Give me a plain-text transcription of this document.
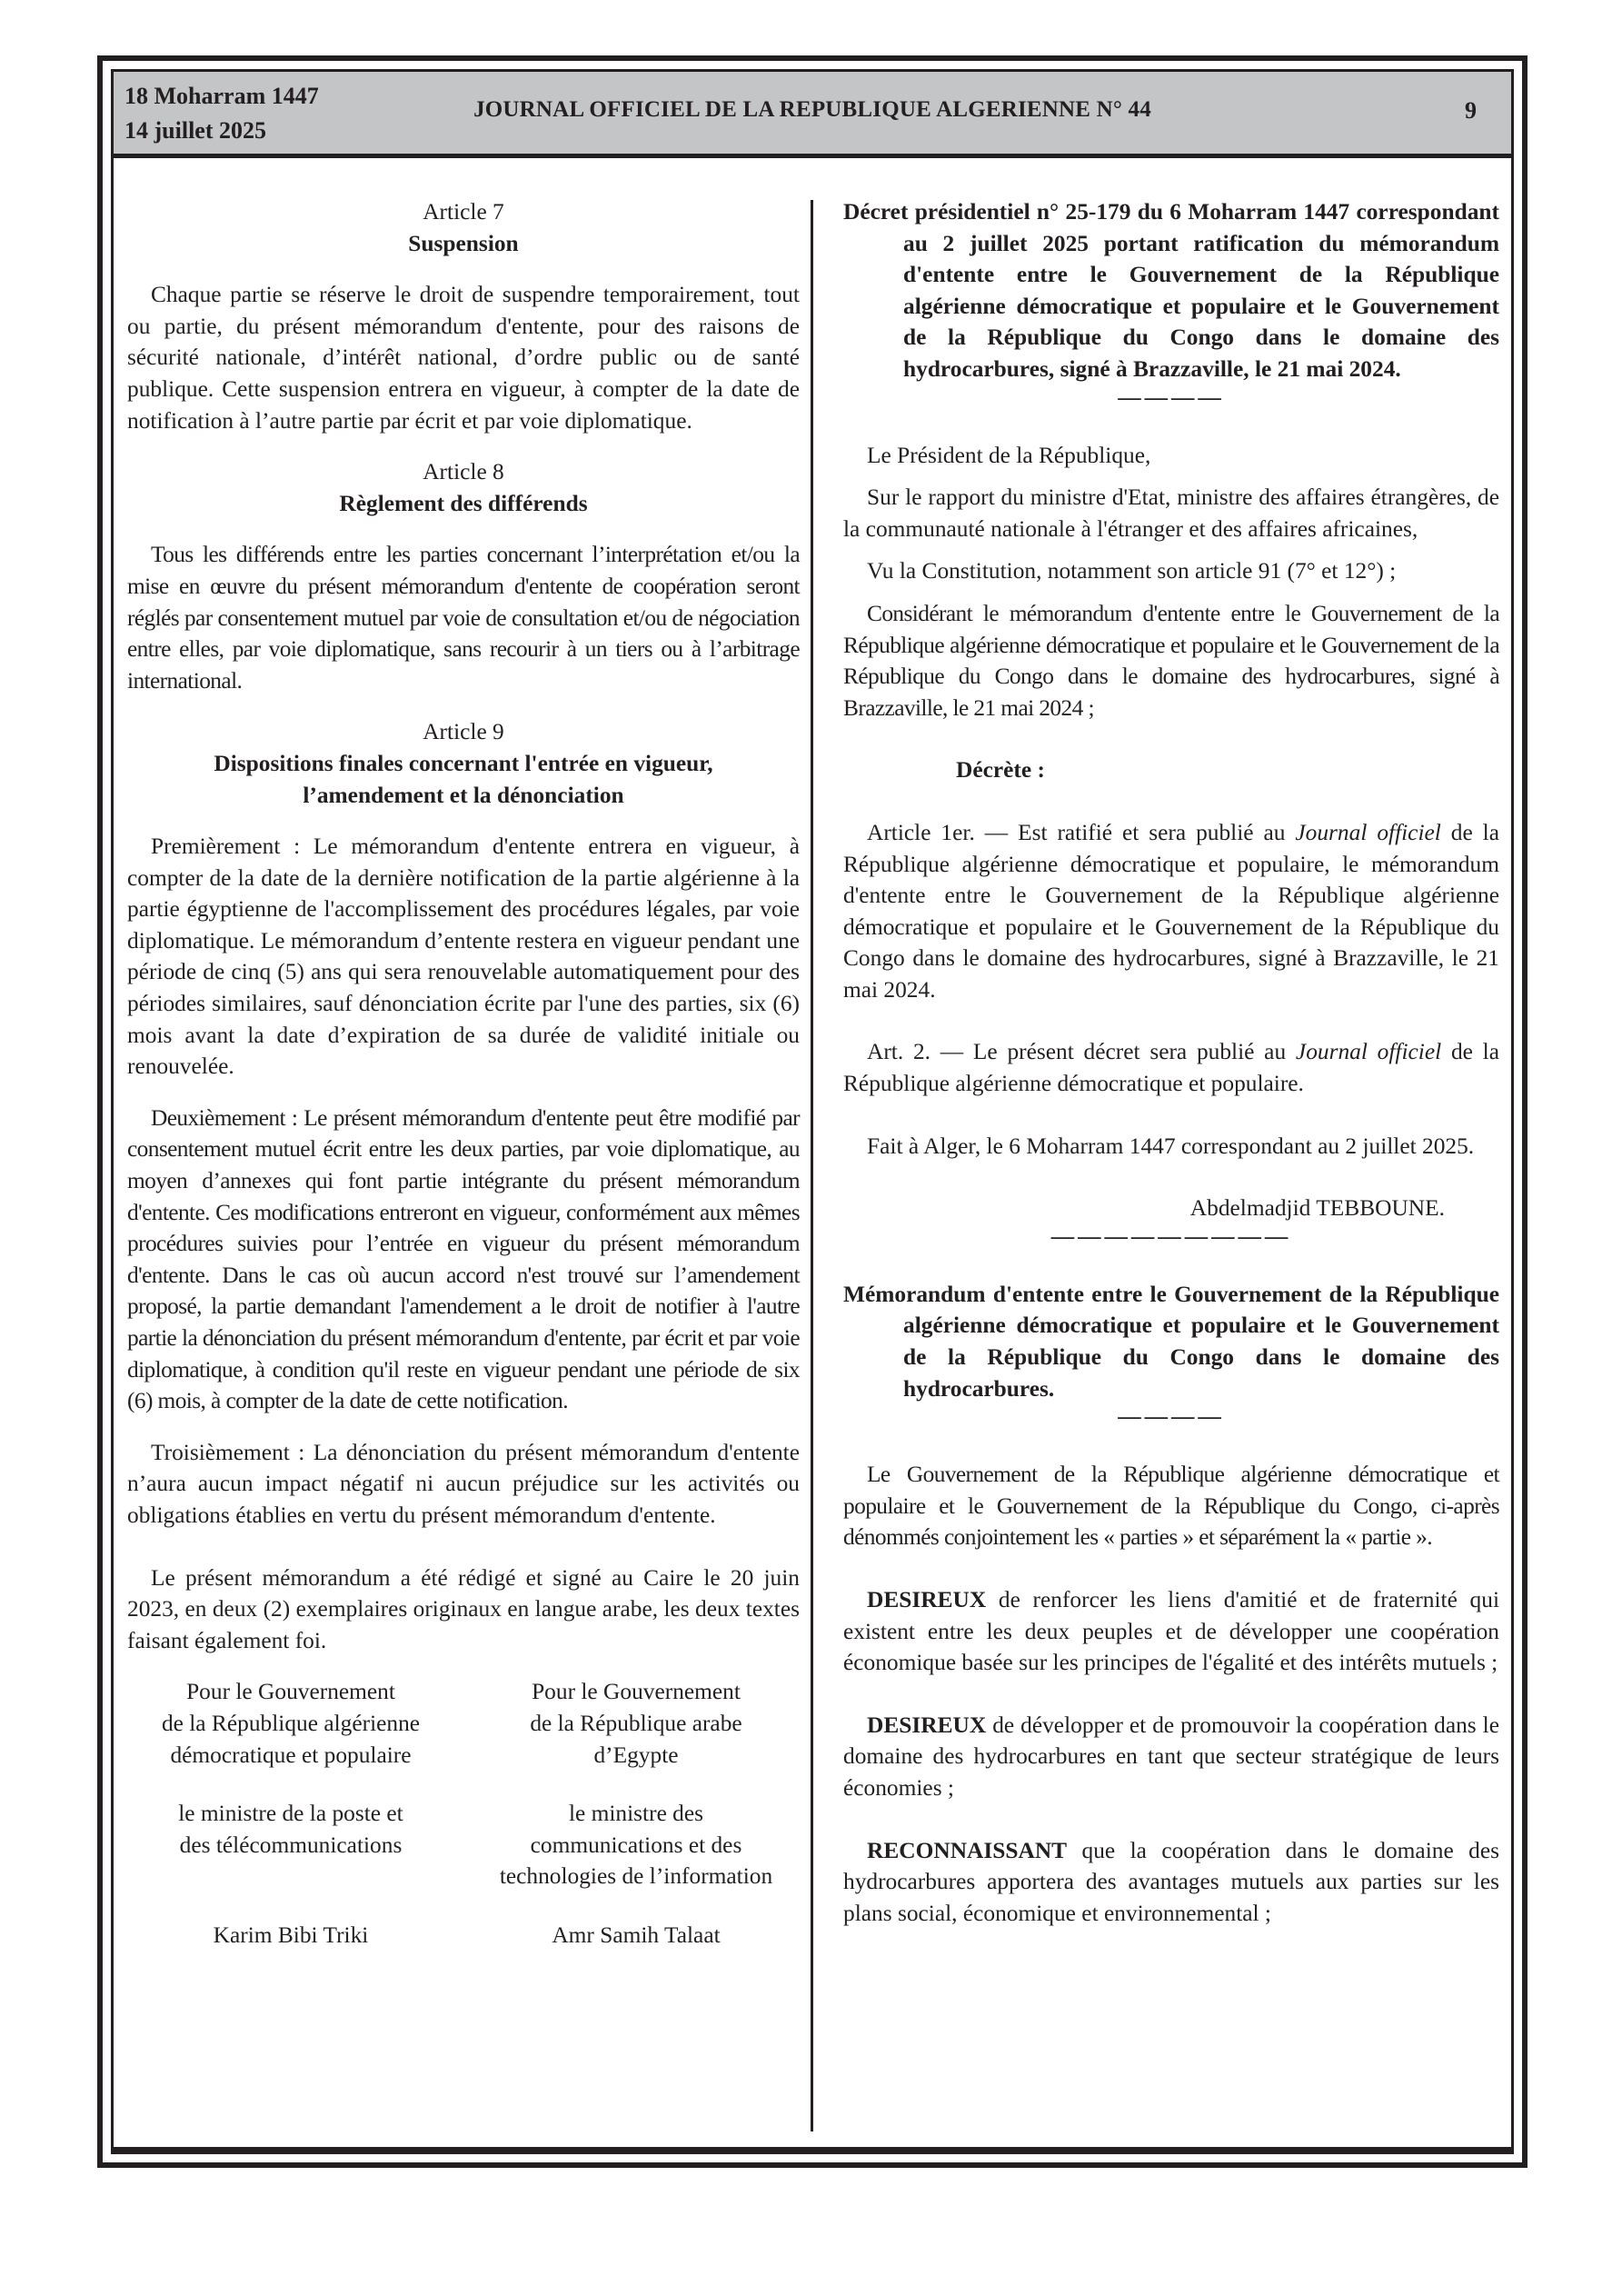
18 Moharram 1447
14 juillet 2025
JOURNAL OFFICIEL DE LA REPUBLIQUE ALGERIENNE N° 44	9

Article 7

Suspension

Chaque partie se réserve le droit de suspendre temporairement, tout ou partie, du présent mémorandum d'entente, pour des raisons de sécurité nationale, d’intérêt national, d’ordre public ou de santé publique. Cette suspension entrera en vigueur, à compter de la date de notification à l’autre partie par écrit et par voie diplomatique.

Article 8

Règlement des différends

Tous les différends entre les parties concernant l’interprétation et/ou la mise en œuvre du présent mémorandum d'entente de coopération seront réglés par consentement mutuel par voie de consultation et/ou de négociation entre elles, par voie diplomatique, sans recourir à un tiers ou à l’arbitrage international.

Article 9

Dispositions finales concernant l'entrée en vigueur,

l’amendement et la dénonciation

Premièrement : Le mémorandum d'entente entrera en vigueur, à compter de la date de la dernière notification de la partie algérienne à la partie égyptienne de l'accomplissement des procédures légales, par voie diplomatique. Le mémorandum d’entente restera en vigueur pendant une période de cinq (5) ans qui sera renouvelable automatiquement pour des périodes similaires, sauf dénonciation écrite par l'une des parties, six (6) mois avant la date d’expiration de sa durée de validité initiale ou renouvelée.

Deuxièmement : Le présent mémorandum d'entente peut être modifié par consentement mutuel écrit entre les deux parties, par voie diplomatique, au moyen d’annexes qui font partie intégrante du présent mémorandum d'entente. Ces modifications entreront en vigueur, conformément aux mêmes procédures suivies pour l’entrée en vigueur du présent mémorandum d'entente. Dans le cas où aucun accord n'est trouvé sur l’amendement proposé, la partie demandant l'amendement a le droit de notifier à l'autre partie la dénonciation du présent mémorandum d'entente, par écrit et par voie diplomatique, à condition qu'il reste en vigueur pendant une période de six (6) mois, à compter de la date de cette notification.

Troisièmement : La dénonciation du présent mémorandum d'entente n’aura aucun impact négatif ni aucun préjudice sur les activités ou obligations établies en vertu du présent mémorandum d'entente.

Le présent mémorandum a été rédigé et signé au Caire le 20 juin 2023, en deux (2) exemplaires originaux en langue arabe, les deux textes faisant également foi.

Pour le Gouvernement

de la République algérienne

démocratique et populaire

le ministre de la poste et

des télécommunications

Karim Bibi Triki

Pour le Gouvernement

de la République arabe

d’Egypte

le ministre des

communications et des

technologies de l’information

Amr Samih Talaat

Décret présidentiel n° 25-179 du 6 Moharram 1447 correspondant au 2 juillet 2025 portant ratification du mémorandum d'entente entre le Gouvernement de la République algérienne démocratique et populaire et le Gouvernement de la République du Congo dans le domaine des hydrocarbures, signé à Brazzaville, le 21 mai 2024.

————

Le Président de la République,

Sur le rapport du ministre d'Etat, ministre des affaires étrangères, de la communauté nationale à l'étranger et des affaires africaines,

Vu la Constitution, notamment son article 91 (7° et 12°) ;

Considérant le mémorandum d'entente entre le Gouvernement de la République algérienne démocratique et populaire et le Gouvernement de la République du Congo dans le domaine des hydrocarbures, signé à Brazzaville, le 21 mai 2024 ;

Décrète :

Article 1er. — Est ratifié et sera publié au Journal officiel de la République algérienne démocratique et populaire, le mémorandum d'entente entre le Gouvernement de la République algérienne démocratique et populaire et le Gouvernement de la République du Congo dans le domaine des hydrocarbures, signé à Brazzaville, le 21 mai 2024.

Art. 2. — Le présent décret sera publié au Journal officiel de la République algérienne démocratique et populaire.

Fait à Alger, le 6 Moharram 1447 correspondant au 2 juillet 2025.

Abdelmadjid TEBBOUNE.

—————————

Mémorandum d'entente entre le Gouvernement de la République algérienne démocratique et populaire et le Gouvernement de la République du Congo dans le domaine des hydrocarbures.

————

Le Gouvernement de la République algérienne démocratique et populaire et le Gouvernement de la République du Congo, ci-après dénommés conjointement les « parties » et séparément la « partie ».

DESIREUX de renforcer les liens d'amitié et de fraternité qui existent entre les deux peuples et de développer une coopération économique basée sur les principes de l'égalité et des intérêts mutuels ;

DESIREUX de développer et de promouvoir la coopération dans le domaine des hydrocarbures en tant que secteur stratégique de leurs économies ;

RECONNAISSANT que la coopération dans le domaine des hydrocarbures apportera des avantages mutuels aux parties sur les plans social, économique et environnemental ;
